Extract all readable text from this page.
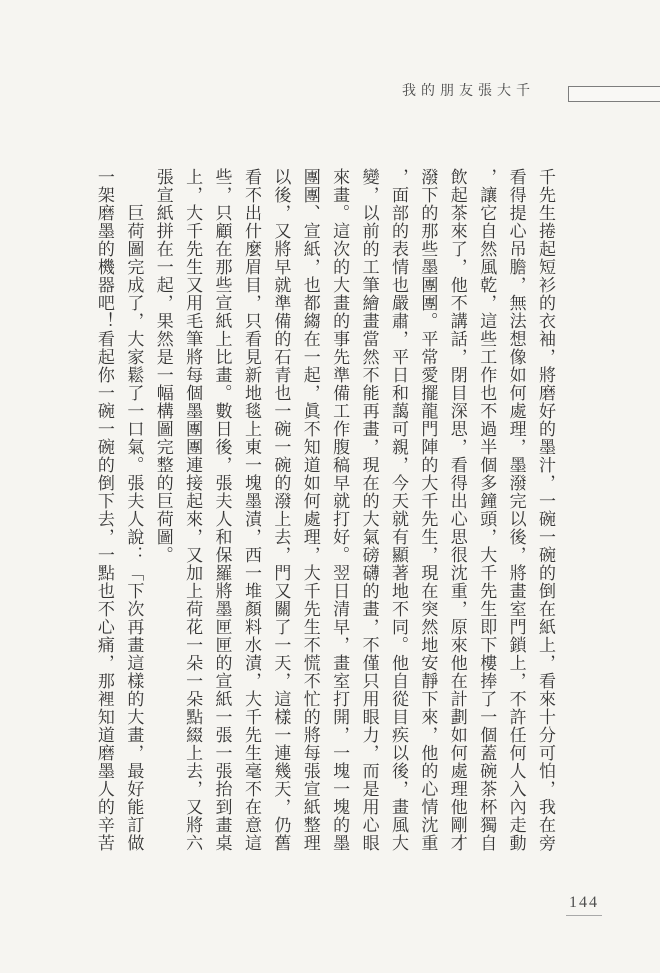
我的朋友張大千

千先生捲起短衫的衣袖，將磨好的墨汁，一碗一碗的倒在紙上，看來十分可怕，我在旁看得提心吊膽，無法想像如何處理，墨潑完以後，將畫室門鎖上，不許任何人入內走動，讓它自然風乾，這些工作也不過半個多鐘頭，大千先生即下樓捧了一個蓋碗茶杯獨自飲起茶來了，他不講話，閉目深思，看得出心思很沈重，原來他在計劃如何處理他剛才潑下的那些墨團團。平常愛擺龍門陣的大千先生，現在突然地安靜下來，他的心情沈重，面部的表情也嚴肅，平日和藹可親，今天就有顯著地不同。他自從目疾以後，畫風大變，以前的工筆繪畫當然不能再畫，現在的大氣磅礴的畫，不僅只用眼力，而是用心眼來畫。這次的大畫的事先準備工作腹稿早就打好。翌日清早，畫室打開，一塊一塊的墨團團、宣紙，也都縐在一起，眞不知道如何處理，大千先生不慌不忙的將每張宣紙整理以後，又將早就準備的石青也一碗一碗的潑上去，門又關了一天，這樣一連幾天，仍舊看不出什麼眉目，只看見新地毯上東一塊墨漬，西一堆顏料水漬，大千先生毫不在意這些，只顧在那些宣紙上比畫。數日後，張夫人和保羅將墨匣匣的宣紙一張一張抬到畫桌上，大千先生又用毛筆將每個墨團團連接起來，又加上荷花一朵一朵點綴上去，又將六張宣紙拼在一起，果然是一幅構圖完整的巨荷圖。

巨荷圖完成了，大家鬆了一口氣。張夫人說：「下次再畫這樣的大畫，最好能訂做一架磨墨的機器吧！看起你一碗一碗的倒下去，一點也不心痛，那裡知道磨墨人的辛苦

144
